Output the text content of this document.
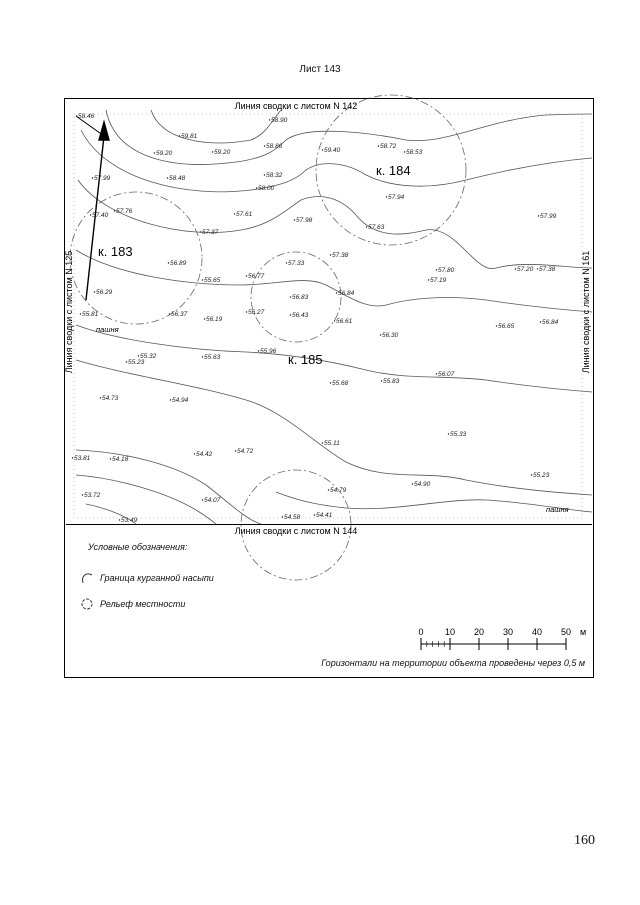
Лист 143
Линия сводки с листом N 142
Линия сводки с листом N 144
Линия сводки с листом N 125	Линия сводки с листом N 161
к. 183
к. 184
к. 185
пашня
пашня
58.46
59.81
59.20	59.20
58.90
58.86
59.40
58.72
58.53
57.99	58.48	58.32
58.00
57.94
57.40
57.76	57.61
57.98
57.63
57.99
57.37
57.33
57.38
56.89
57.80	57.20 57.38
57.19
56.29
55.65
56.77
56.83
56.84
56.43
55.81	56.37
56.19
56.27
56.61
56.30
56.65
56.84
55.32
55.23
55.63
55.96
55.68	55.83
56.07
54.73	54.94
55.33
53.81	54.18
54.42	54.72
55.11
55.23
53.72
54.07
54.79
54.90
53.49	54.58 54.41
Условные обозначения:
Граница курганной насыпи
Рельеф местности
0 10 20 30 40 50 м
Горизонтали на территории объекта проведены через 0,5 м
160
